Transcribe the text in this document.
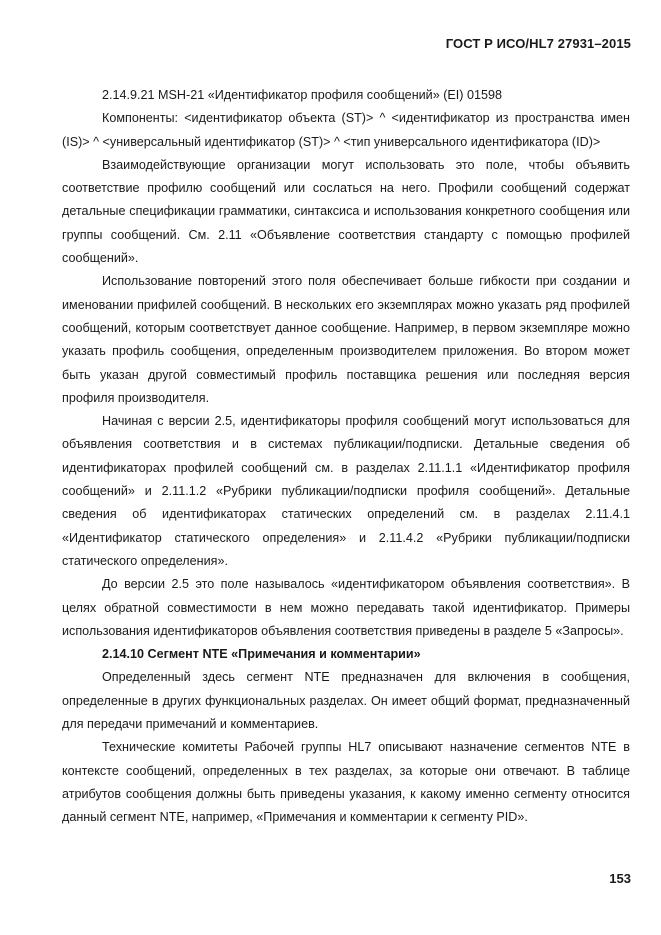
ГОСТ Р ИСО/HL7 27931–2015

2.14.9.21 MSH-21 «Идентификатор профиля сообщений» (EI) 01598

Компоненты: <идентификатор объекта (ST)> ^ <идентификатор из пространства имен (IS)> ^ <универсальный идентификатор (ST)> ^ <тип универсального идентификатора (ID)>

Взаимодействующие организации могут использовать это поле, чтобы объявить соответствие профилю сообщений или сослаться на него. Профили сообщений содержат детальные спецификации грамматики, синтаксиса и использования конкретного сообщения или группы сообщений. См. 2.11 «Объявление соответствия стандарту с помощью профилей сообщений».

Использование повторений этого поля обеспечивает больше гибкости при создании и именовании прифилей сообщений. В нескольких его экземплярах можно указать ряд профилей сообщений, которым соответствует данное сообщение. Например, в первом экземпляре можно указать профиль сообщения, определенным производителем приложения. Во втором может быть указан другой совместимый профиль поставщика решения или последняя версия профиля производителя.

Начиная с версии 2.5, идентификаторы профиля сообщений могут использоваться для объявления соответствия и в системах публикации/подписки. Детальные сведения об идентификаторах профилей сообщений см. в разделах 2.11.1.1 «Идентификатор профиля сообщений» и 2.11.1.2 «Рубрики публикации/подписки профиля сообщений». Детальные сведения об идентификаторах статических определений см. в разделах 2.11.4.1 «Идентификатор статического определения» и 2.11.4.2 «Рубрики публикации/подписки статического определения».

До версии 2.5 это поле называлось «идентификатором объявления соответствия». В целях обратной совместимости в нем можно передавать такой идентификатор. Примеры использования идентификаторов объявления соответствия приведены в разделе 5 «Запросы».

2.14.10 Сегмент NTE «Примечания и комментарии»

Определенный здесь сегмент NTE предназначен для включения в сообщения, определенные в других функциональных разделах. Он имеет общий формат, предназначенный для передачи примечаний и комментариев.

Технические комитеты Рабочей группы HL7 описывают назначение сегментов NTE в контексте сообщений, определенных в тех разделах, за которые они отвечают. В таблице атрибутов сообщения должны быть приведены указания, к какому именно сегменту относится данный сегмент NTE, например, «Примечания и комментарии к сегменту PID».

153
